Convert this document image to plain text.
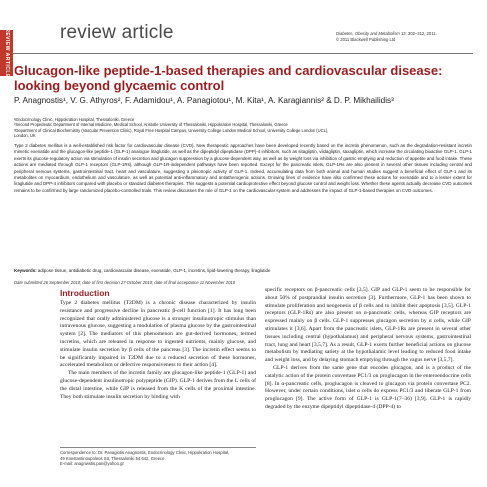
REVIEW ARTICLE	review article	Diabetes, Obesity and Metabolism 13: 302–312, 2011.
© 2011 Blackwell Publishing Ltd
Glucagon-like peptide-1-based therapies and cardiovascular disease: looking beyond glycaemic control

P. Anagnostis¹, V. G. Athyros², F. Adamidou¹, A. Panagiotou¹, M. Kita¹, A. Karagiannis² & D. P. Mikhailidis³

¹Endocrinology Clinic, Hippokration Hospital, Thessaloniki, Greece
²Second Propedeutic Department of Internal Medicine, Medical School, Aristotle University of Thessaloniki, Hippokration Hospital, Thessaloniki, Greece
³Department of Clinical Biochemistry (Vascular Prevention Clinic), Royal Free Hospital Campus, University College London Medical School, University College London (UCL),
London, UK

Type 2 diabetes mellitus is a well-established risk factor for cardiovascular disease (CVD). New therapeutic approaches have been developed recently based on the incretin phenomenon, such as the degradation-resistant incretin mimetic exenatide and the glucagon-like peptide-1 (GLP-1) analogue liraglutide, as well as the dipeptidyl dipeptidase (DPP)-4 inhibitors, such as sitagliptin, vildagliptin, saxagliptin, which increase the circulating bioactive GLP-1. GLP-1 exerts its glucose-regulatory action via stimulation of insulin secretion and glucagon suppression by a glucose-dependent way, as well as by weight loss via inhibition of gastric emptying and reduction of appetite and food intake. These actions are mediated through GLP-1 receptors (GLP-1Rs), although GLP-1R-independent pathways have been reported. Except for the pancreatic islets, GLP-1Rs are also present in several other tissues including central and peripheral nervous systems, gastrointestinal tract, heart and vasculature, suggesting a pleiotropic activity of GLP-1. Indeed, accumulating data from both animal and human studies suggest a beneficial effect of GLP-1 and its metabolites on myocardium, endothelium and vasculature, as well as potential anti-inflammatory and antiatherogenic actions. Growing lines of evidence have also confirmed these actions for exenatide and to a lesser extent for liraglutide and DPP-4 inhibitors compared with placebo or standard diabetes therapies. This suggests a potential cardioprotective effect beyond glucose control and weight loss. Whether these agents actually decrease CVD outcomes remains to be confirmed by large randomized placebo-controlled trials. This review discusses the role of GLP-1 on the cardiovascular system and addresses the impact of GLP-1-based therapies on CVD outcomes.

Keywords: adipose tissue, antidiabetic drug, cardiovascular disease, exenatide, GLP-1, incretins, lipid-lowering therapy, liraglutide
Date submitted 26 September 2010; date of first decision 27 October 2010; date of final acceptance 11 November 2010
Introduction

Type 2 diabetes mellitus (T2DM) is a chronic disease characterized by insulin resistance and progressive decline in pancreatic β-cell function [1]. It has long been recognized that orally administered glucose is a stronger insulinotropic stimulus than intravenous glucose, suggesting a modulation of plasma glucose by the gastrointestinal system [2]. The mediators of this phenomenon are gut-derived hormones, termed incretins, which are released in response to ingested nutrients, mainly glucose, and stimulate insulin secretion by β cells of the pancreas [3]. The incretin effect seems to be significantly impaired in T2DM due to a reduced secretion of these hormones, accelerated metabolism or defective responsiveness to their action [4].

The main members of the incretin family are glucagon-like peptide-1 (GLP-1) and glucose-dependent insulinotropic polypeptide (GIP). GLP-1 derives from the L cells of the distal intestine, while GIP is released from the K cells of the proximal intestine. They both stimulate insulin secretion by binding with

specific receptors on β-pancreatic cells [3,5]. GIP and GLP-1 seem to be responsible for about 50% of postprandial insulin secretion [3]. Furthermore, GLP-1 has been shown to stimulate proliferation and neogenesis of β cells and to inhibit their apoptosis [3,5]. GLP-1 receptors (GLP-1Rs) are also present on α-pancreatic cells, whereas GIP receptors are expressed mainly on β cells. GLP-1 suppresses glucagon secretion by α cells, while GIP stimulates it [3,6]. Apart from the pancreatic islets, GLP-1Rs are present in several other tissues including central (hypothalamus) and peripheral nervous systems, gastrointestinal tract, lung and heart [3,5,7]. As a result, GLP-1 exerts further beneficial actions on glucose metabolism by mediating satiety at the hypothalamic level leading to reduced food intake and weight loss, and by delaying stomach emptying through the vagus nerve [3,5,7].

GLP-1 derives from the same gene that encodes glucagon, and is a product of the catalytic action of the protein convertase PC1/3 on proglucagon in the enteroendocrine cells [8]. In α-pancreatic cells, proglucagon is cleaved to glucagon via protein convertase PC2. However, under certain conditions, islet α cells do express PC1/3 and liberate GLP-1 from proglucagon [9]. The active form of GLP-1 is GLP-1(7–36) [3,9]. GLP-1 is rapidly degraded by the enzyme dipeptidyl dipeptidase-4 (DPP-4) to

Correspondence to: Dr. Panagiotis Anagnostis, Endocrinology Clinic, Hippokration Hospital,
49 Konstantinoupoleos Str, Thessaloniki 54 642, Greece.
E-mail: anagnwstis.pan@yahoo.gr
